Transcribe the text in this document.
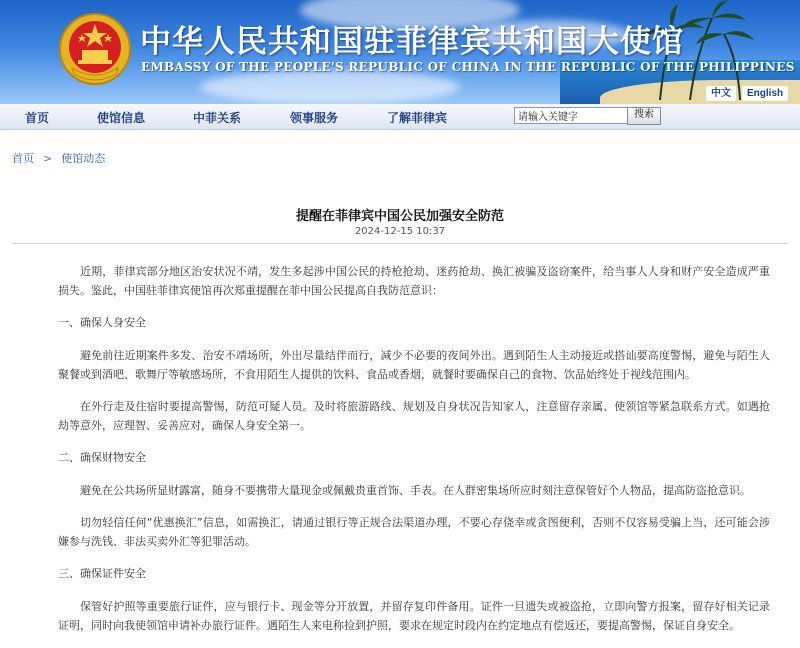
中华人民共和国驻菲律宾共和国大使馆
EMBASSY OF THE PEOPLE'S REPUBLIC OF CHINA IN THE REPUBLIC OF THE PHILIPPINES
中文	English
首页	使馆信息	中菲关系	领事服务	了解菲律宾
请输入关键字	搜索
首页 > 使馆动态
提醒在菲律宾中国公民加强安全防范
2024-12-15 10:37

近期，菲律宾部分地区治安状况不靖，发生多起涉中国公民的持枪抢劫、迷药抢劫、换汇被骗及盗窃案件，给当事人人身和财产安全造成严重损失。鉴此，中国驻菲律宾使馆再次郑重提醒在菲中国公民提高自我防范意识：

一、确保人身安全

避免前往近期案件多发、治安不靖场所，外出尽量结伴而行，减少不必要的夜间外出。遇到陌生人主动接近或搭讪要高度警惕，避免与陌生人聚餐或到酒吧、歌舞厅等敏感场所，不食用陌生人提供的饮料、食品或香烟，就餐时要确保自己的食物、饮品始终处于视线范围内。

在外行走及住宿时要提高警惕，防范可疑人员。及时将旅游路线、规划及自身状况告知家人，注意留存亲属、使领馆等紧急联系方式。如遇抢劫等意外，应理智、妥善应对，确保人身安全第一。

二、确保财物安全

避免在公共场所显财露富，随身不要携带大量现金或佩戴贵重首饰、手表。在人群密集场所应时刻注意保管好个人物品，提高防盗抢意识。

切勿轻信任何“优惠换汇”信息，如需换汇，请通过银行等正规合法渠道办理，不要心存侥幸或贪图便利，否则不仅容易受骗上当，还可能会涉嫌参与洗钱、非法买卖外汇等犯罪活动。

三、确保证件安全

保管好护照等重要旅行证件，应与银行卡、现金等分开放置，并留存复印件备用。证件一旦遗失或被盗抢，立即向警方报案，留存好相关记录证明，同时向我使领馆申请补办旅行证件。遇陌生人来电称捡到护照，要求在规定时段内在约定地点有偿返还，要提高警惕，保证自身安全。
